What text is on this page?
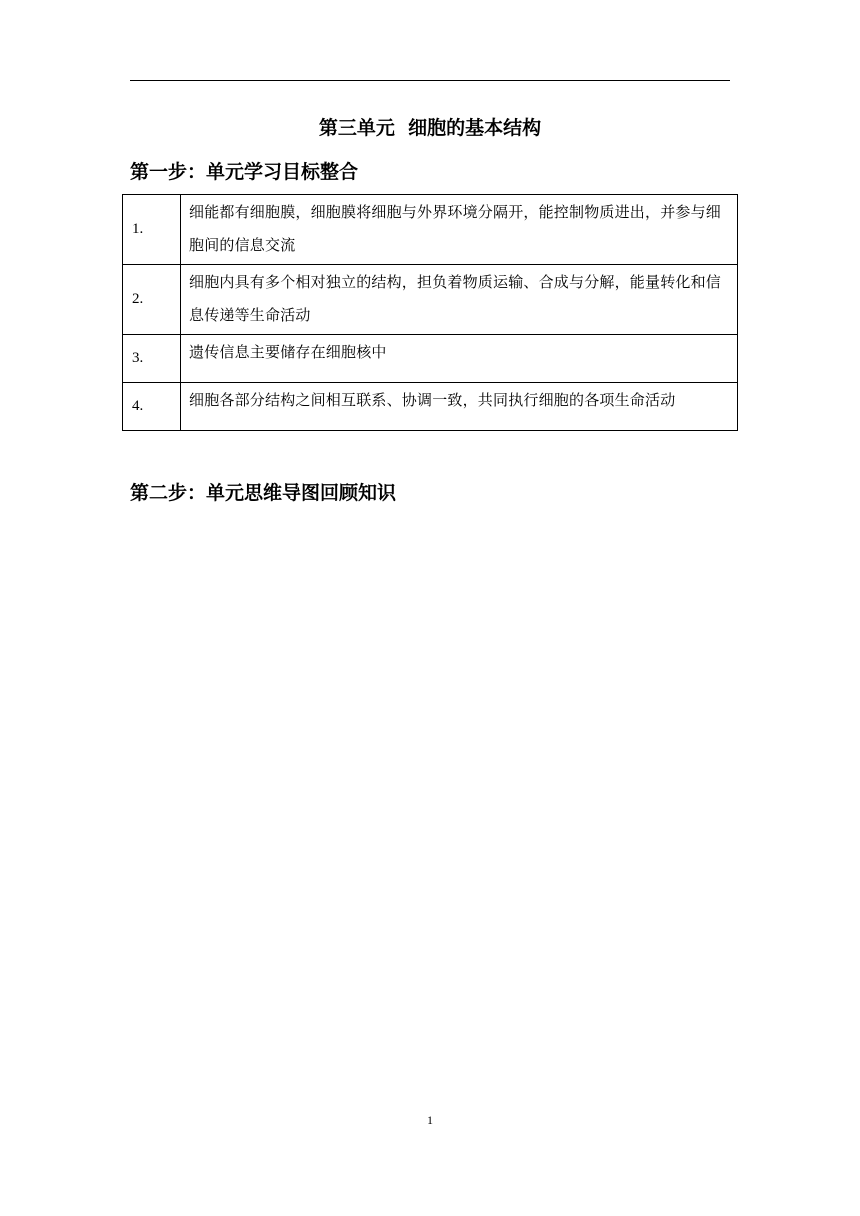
第三单元  细胞的基本结构
第一步：单元学习目标整合
1.	细能都有细胞膜，细胞膜将细胞与外界环境分隔开，能控制物质进出，并参与细胞间的信息交流
2.	细胞内具有多个相对独立的结构，担负着物质运输、合成与分解，能量转化和信息传递等生命活动
3.	遗传信息主要储存在细胞核中
4.	细胞各部分结构之间相互联系、协调一致，共同执行细胞的各项生命活动
第二步：单元思维导图回顾知识
1
